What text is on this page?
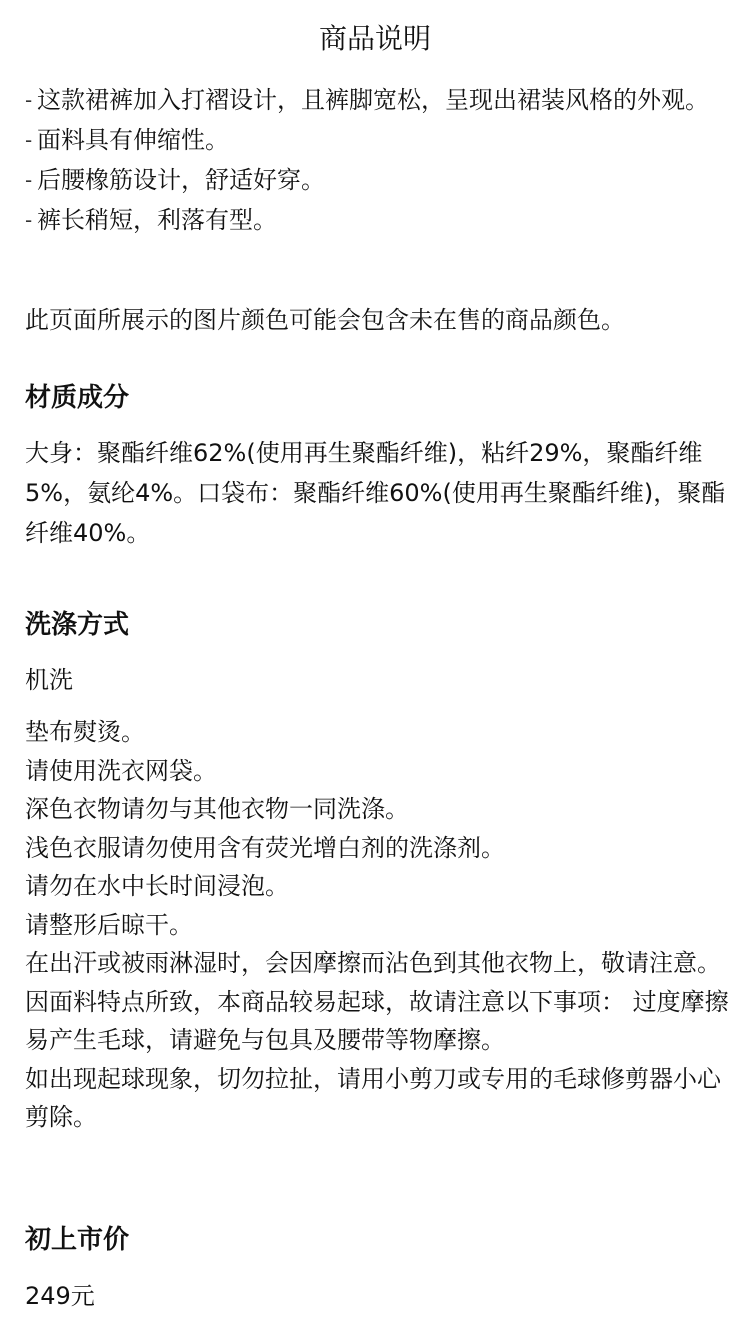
商品说明
- 这款裙裤加入打褶设计，且裤脚宽松，呈现出裙装风格的外观。
- 面料具有伸缩性。
- 后腰橡筋设计，舒适好穿。
- 裤长稍短，利落有型。

此页面所展示的图片颜色可能会包含未在售的商品颜色。

材质成分

大身：聚酯纤维62%(使用再生聚酯纤维)，粘纤29%，聚酯纤维5%，氨纶4%。口袋布：聚酯纤维60%(使用再生聚酯纤维)，聚酯纤维40%。

洗涤方式

机洗

垫布熨烫。
请使用洗衣网袋。
深色衣物请勿与其他衣物一同洗涤。
浅色衣服请勿使用含有荧光增白剂的洗涤剂。
请勿在水中长时间浸泡。
请整形后晾干。
在出汗或被雨淋湿时，会因摩擦而沾色到其他衣物上，敬请注意。
因面料特点所致，本商品较易起球，故请注意以下事项： 过度摩擦易产生毛球，请避免与包具及腰带等物摩擦。
如出现起球现象，切勿拉扯，请用小剪刀或专用的毛球修剪器小心剪除。
初上市价

249元
